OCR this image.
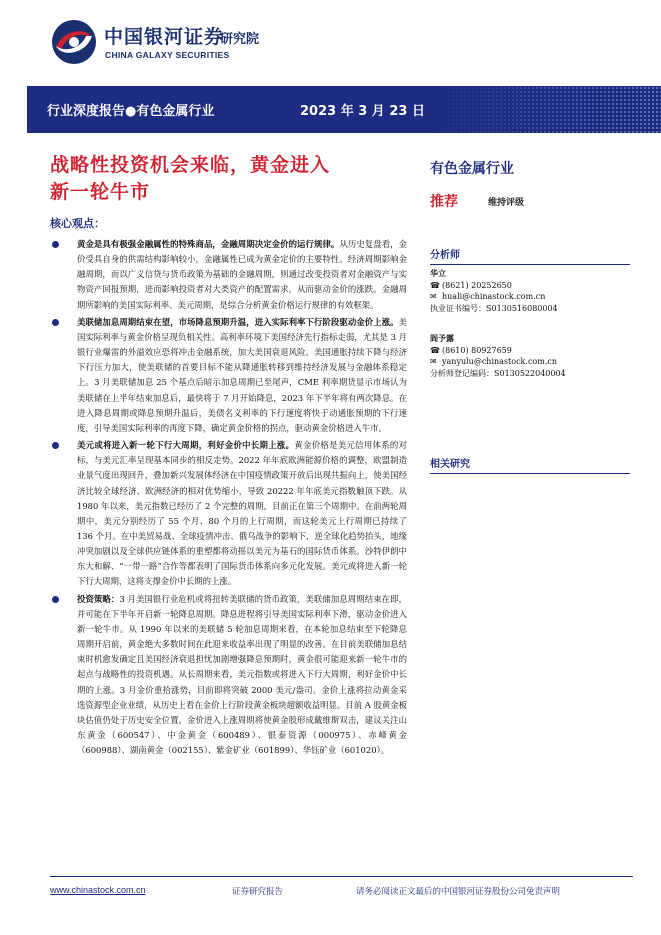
中国银河证券
研究院
CHINA GALAXY SECURITIES
行业深度报告●有色金属行业	2023 年 3 月 23 日
战略性投资机会来临，黄金进入
新一轮牛市
有色金属行业
推荐	维持评级
核心观点：
黄金是具有极强金融属性的特殊商品，金融周期决定金价的运行规律。从历史复盘看，金价受具自身的供需结构影响较小，金融属性已成为黄金定价的主要特性。经济周期影响金融周期，而以广义信贷与货币政策为基础的金融周期，则通过改变投资者对金融资产与实物资产回报预期，进而影响投资者对大类资产的配置需求，从而驱动金价的涨跌。金融周期所影响的美国实际利率、美元周期，是综合分析黄金价格运行规律的有效框架。
美联储加息周期结束在望，市场降息预期升温，进入实际利率下行阶段驱动金价上涨。美国实际利率与黄金价格呈现负相关性。高利率环境下美国经济先行指标走弱，尤其是 3 月银行业爆雷的外溢效应恐将冲击金融系统，加大美国衰退风险。美国通胀持续下降与经济下行压力加大，使美联储的首要目标不能从降通胀转移到维持经济发展与金融体系稳定上。3 月美联储加息 25 个基点后暗示加息周期已至尾声，CME 利率期货显示市场认为美联储在上半年结束加息后，最快将于 7 月开始降息，2023 年下半年将有两次降息。在进入降息周期或降息预期升温后，美债名义利率的下行速度将快于动通胀预期的下行速度，引导美国实际利率的再度下降，确定黄金价格的拐点，驱动黄金价格进入牛市。
美元或将进入新一轮下行大周期，利好金价中长期上涨。黄金价格是美元信用体系的对标，与美元汇率呈现基本同步的相反走势。2022 年年底欧洲能源价格的调整，欧盟制造业景气度出现回升，叠加新兴发展体经济在中国疫情政策开放后出现共振向上，使美国经济比较全球经济、欧洲经济的相对优势缩小，导致 20222 年年底美元指数触顶下跌。从 1980 年以来，美元指数已经历了 2 个完整的周期，目前正在第三个周期中。在前两轮周期中，美元分别经历了 55 个月、80 个月的上行周期，而这轮美元上行周期已持续了 136 个月。在中美贸易战、全球疫情冲击、俄乌战争的影响下，逆全球化趋势抬头，地缘冲突加剧以及全球供应链体系的重塑都将动摇以美元为基石的国际货币体系。沙特伊朗中东大和解、“一带一路”合作等都表明了国际货币体系向多元化发展。美元或将进入新一轮下行大周期，这将支撑金价中长期的上涨。
投资策略：3 月美国银行业危机或将扭转美联储的货币政策，美联储加息周期结束在即，并可能在下半年开启新一轮降息周期。降息进程将引导美国实际利率下滑，驱动金价进入新一轮牛市。从 1990 年以来的美联储 5 轮加息周期来看，在本轮加息结束至下轮降息周期开启前，黄金绝大多数时间在此迎来收益率出现了明显的改善。在目前美联储加息结束时机愈发确定且美国经济衰退担忧加剧增强降息预期时，黄金很可能迎来新一轮牛市的起点与战略性的投资机遇。从长周期来看，美元指数或将进入下行大周期，利好金价中长期的上涨。3 月金价重拾涨势，目前即将突破 2000 美元/盎司。金价上涨将拉动黄金采选资源型企业业绩，从历史上看在金价上行阶段黄金板块超额收益明显。目前 A 股黄金板块估值仍处于历史安全位置，金价进入上涨周期将使黄金股形成戴维斯双击，建议关注山东黄金（600547）、中金黄金（600489）、银泰资源（000975）、赤峰黄金（600988）、湖南黄金（002155）、紫金矿业（601899）、华钰矿业（601020）。
分析师
华立
☎ (8621) 20252650
✉ huali@chinastock.com.cn
执业证书编号：S0130516080004
阎予露
☎ (8610) 80927659
✉ yanyulu@chinastock.com.cn
分析师登记编码：S0130522040004
相关研究
www.chinastock.com.cn	证券研究报告	请务必阅读正文最后的中国银河证券股份公司免责声明
